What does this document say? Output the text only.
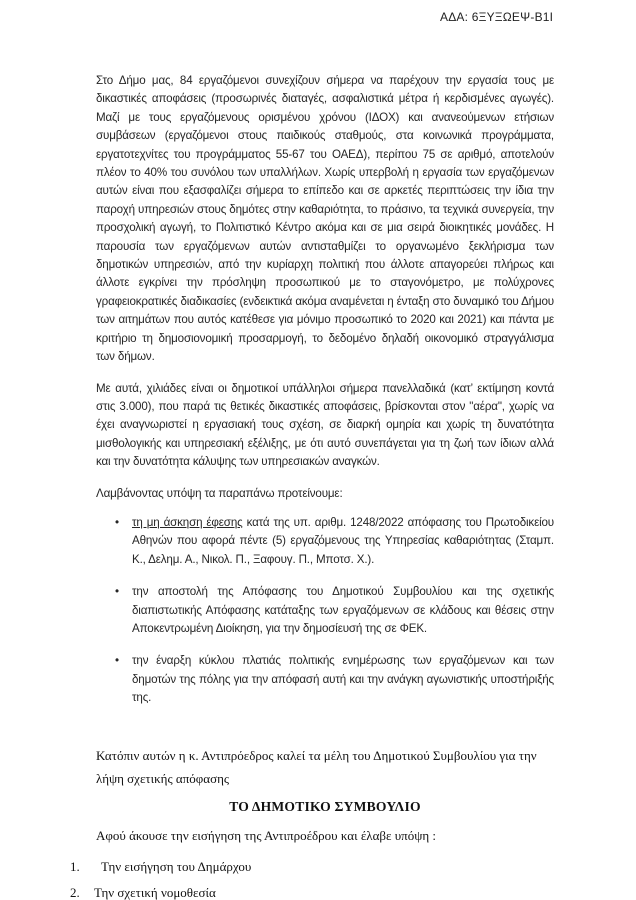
ΑΔΑ: 6ΞΥΞΩΕΨ-Β1Ι

Στο Δήμο μας, 84 εργαζόμενοι συνεχίζουν σήμερα να παρέχουν την εργασία τους με δικαστικές αποφάσεις (προσωρινές διαταγές, ασφαλιστικά μέτρα ή κερδισμένες αγωγές). Μαζί με τους εργαζόμενους ορισμένου χρόνου (ΙΔΟΧ) και ανανεούμενων ετήσιων συμβάσεων (εργαζόμενοι στους παιδικούς σταθμούς, στα κοινωνικά προγράμματα, εργατοτεχνίτες του προγράμματος 55-67 του ΟΑΕΔ), περίπου 75 σε αριθμό, αποτελούν πλέον το 40% του συνόλου των υπαλλήλων. Χωρίς υπερβολή η εργασία των εργαζόμενων αυτών είναι που εξασφαλίζει σήμερα το επίπεδο και σε αρκετές περιπτώσεις την ίδια την παροχή υπηρεσιών στους δημότες στην καθαριότητα, το πράσινο, τα τεχνικά συνεργεία, την προσχολική αγωγή, το Πολιτιστικό Κέντρο ακόμα και σε μια σειρά διοικητικές μονάδες. Η παρουσία των εργαζόμενων αυτών αντισταθμίζει το οργανωμένο ξεκλήρισμα των δημοτικών υπηρεσιών, από την κυρίαρχη πολιτική που άλλοτε απαγορεύει πλήρως και άλλοτε εγκρίνει την πρόσληψη προσωπικού με το σταγονόμετρο, με πολύχρονες γραφειοκρατικές διαδικασίες (ενδεικτικά ακόμα αναμένεται η ένταξη στο δυναμικό του Δήμου των αιτημάτων που αυτός κατέθεσε για μόνιμο προσωπικό το 2020 και 2021) και πάντα με κριτήριο τη δημοσιονομική προσαρμογή, το δεδομένο δηλαδή οικονομικό στραγγάλισμα των δήμων.

Με αυτά, χιλιάδες είναι οι δημοτικοί υπάλληλοι σήμερα πανελλαδικά (κατ’ εκτίμηση κοντά στις 3.000), που παρά τις θετικές δικαστικές αποφάσεις, βρίσκονται στον "αέρα", χωρίς να έχει αναγνωριστεί η εργασιακή τους σχέση, σε διαρκή ομηρία και χωρίς τη δυνατότητα μισθολογικής και υπηρεσιακή εξέλιξης, με ότι αυτό συνεπάγεται για τη ζωή των ίδιων αλλά και την δυνατότητα κάλυψης των υπηρεσιακών αναγκών.

Λαμβάνοντας υπόψη τα παραπάνω προτείνουμε:

• τη μη άσκηση έφεσης κατά της υπ. αριθμ. 1248/2022 απόφασης του Πρωτοδικείου Αθηνών που αφορά πέντε (5) εργαζόμενους της Υπηρεσίας καθαριότητας (Σταμπ. Κ., Δελημ. Α., Νικολ. Π., Ξαφουγ. Π., Μποτσ. Χ.).
• την αποστολή της Απόφασης του Δημοτικού Συμβουλίου και της σχετικής διαπιστωτικής Απόφασης κατάταξης των εργαζόμενων σε κλάδους και θέσεις στην Αποκεντρωμένη Διοίκηση, για την δημοσίευσή της σε ΦΕΚ.
• την έναρξη κύκλου πλατιάς πολιτικής ενημέρωσης των εργαζόμενων και των δημοτών της πόλης για την απόφασή αυτή και την ανάγκη αγωνιστικής υποστήριξής της.

Κατόπιν αυτών η κ. Αντιπρόεδρος καλεί τα μέλη του Δημοτικού Συμβουλίου για την λήψη σχετικής απόφασης

ΤΟ ΔΗΜΟΤΙΚΟ ΣΥΜΒΟΥΛΙΟ

Αφού άκουσε την εισήγηση της Αντιπροέδρου και έλαβε υπόψη :

1.	Την εισήγηση του Δημάρχου
2.	Την σχετική νομοθεσία
